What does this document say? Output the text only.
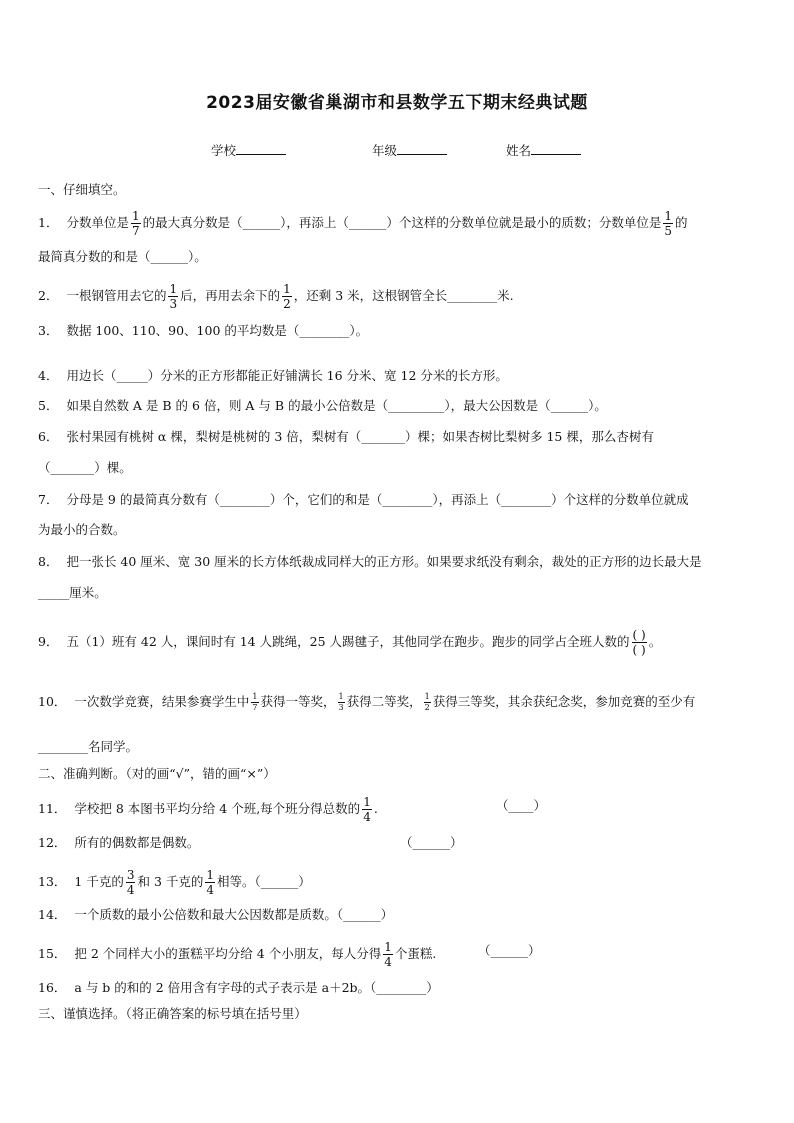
2023届安徽省巢湖市和县数学五下期末经典试题
学校	年级	姓名
一、仔细填空。
1． 分数单位是 $\frac{1}{7}$ 的最大真分数是（______），再添上（______）个这样的分数单位就是最小的质数；分数单位是 $\frac{1}{5}$ 的
最简真分数的和是（______）。
2． 一根钢管用去它的 $\frac{1}{3}$ 后，再用去余下的 $\frac{1}{2}$ ，还剩 3 米，这根钢管全长________米.
3． 数据 100、110、90、100 的平均数是（________）。
4． 用边长（_____）分米的正方形都能正好铺满长 16 分米、宽 12 分米的长方形。
5． 如果自然数 A 是 B 的 6 倍，则 A 与 B 的最小公倍数是（_________），最大公因数是（______）。
6． 张村果园有桃树 α 棵，梨树是桃树的 3 倍，梨树有（_______）棵；如果杏树比梨树多 15 棵，那么杏树有
（_______）棵。
7． 分母是 9 的最简真分数有（________）个，它们的和是（________），再添上（________）个这样的分数单位就成
为最小的合数。
8． 把一张长 40 厘米、宽 30 厘米的长方体纸裁成同样大的正方形。如果要求纸没有剩余，裁处的正方形的边长最大是
_____厘米。
9． 五（1）班有 42 人，课间时有 14 人跳绳，25 人踢毽子，其他同学在跑步。跑步的同学占全班人数的 $\frac{( )}{( )}$ 。
10． 一次数学竞赛，结果参赛学生中 $\frac{1}{7}$ 获得一等奖， $\frac{1}{3}$ 获得二等奖， $\frac{1}{2}$ 获得三等奖，其余获纪念奖，参加竞赛的至少有
________名同学。
二、准确判断。（对的画“√”，错的画“×”）
11． 学校把 8 本图书平均分给 4 个班,每个班分得总数的 $\frac{1}{4}$ .	（____）
12． 所有的偶数都是偶数。	（______）
13． 1 千克的 $\frac{3}{4}$ 和 3 千克的 $\frac{1}{4}$ 相等。（______）
14． 一个质数的最小公倍数和最大公因数都是质数。（______）
15． 把 2 个同样大小的蛋糕平均分给 4 个小朋友，每人分得 $\frac{1}{4}$ 个蛋糕.	（______）
16． a 与 b 的和的 2 倍用含有字母的式子表示是 a＋2b。（________）
三、谨慎选择。（将正确答案的标号填在括号里）
